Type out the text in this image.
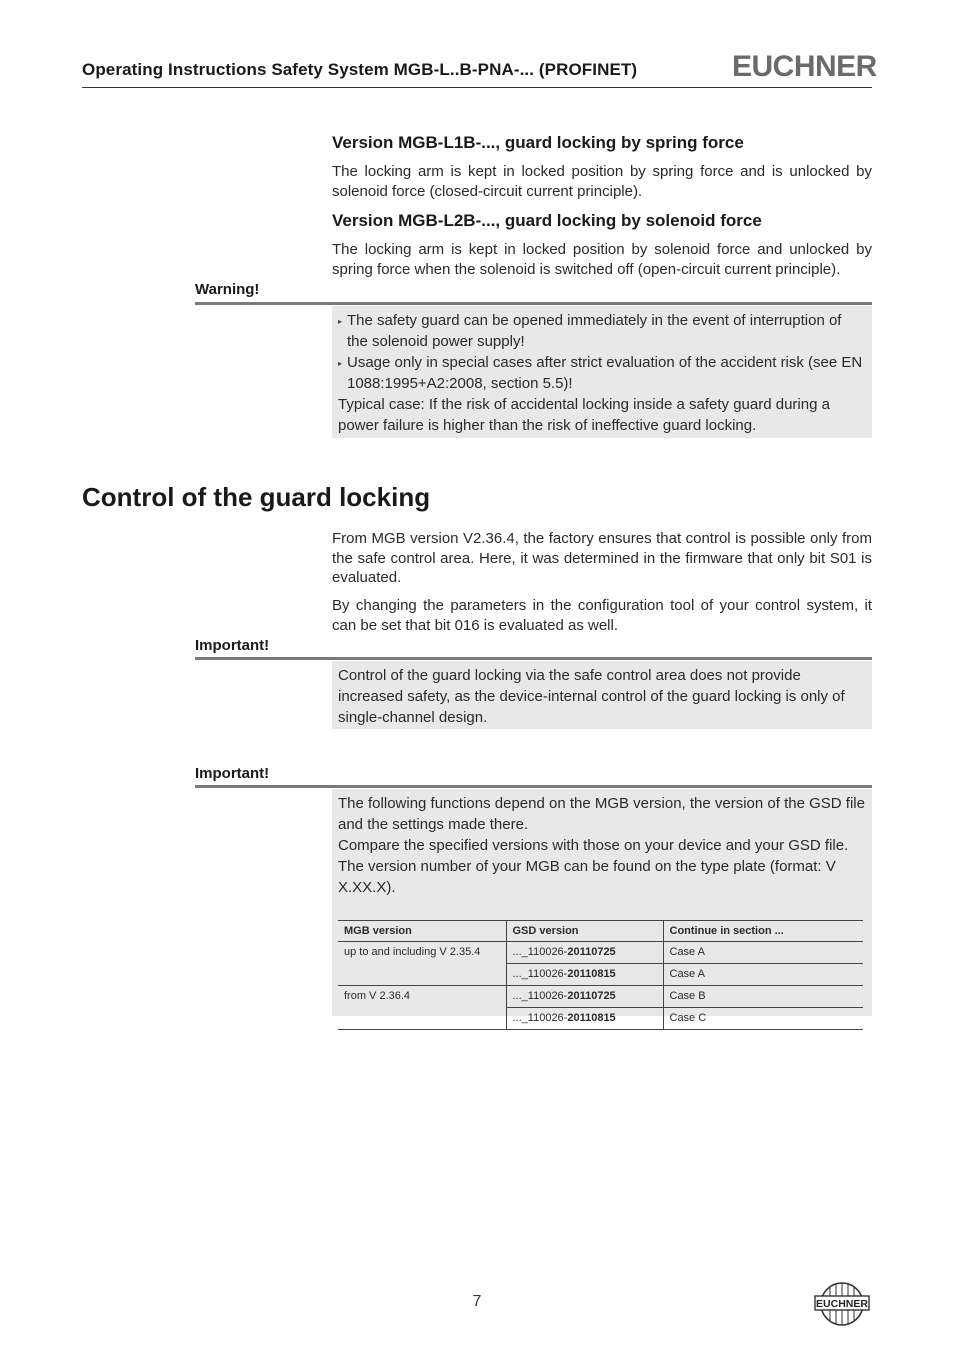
Operating Instructions Safety System MGB-L..B-PNA-... (PROFINET)	EUCHNER
Version MGB-L1B-..., guard locking by spring force
The locking arm is kept in locked position by spring force and is unlocked by solenoid force (closed-circuit current principle).
Version MGB-L2B-..., guard locking by solenoid force
The locking arm is kept in locked position by solenoid force and unlocked by spring force when the solenoid is switched off (open-circuit current principle).
Warning!
▸ The safety guard can be opened immediately in the event of interruption of the solenoid power supply!
▸ Usage only in special cases after strict evaluation of the accident risk (see EN 1088:1995+A2:2008, section 5.5)!
Typical case: If the risk of accidental locking inside a safety guard during a power failure is higher than the risk of ineffective guard locking.
Control of the guard locking
From MGB version V2.36.4, the factory ensures that control is possible only from the safe control area. Here, it was determined in the firmware that only bit S01 is evaluated.
By changing the parameters in the configuration tool of your control system, it can be set that bit 016 is evaluated as well.
Important!
Control of the guard locking via the safe control area does not provide increased safety, as the device-internal control of the guard locking is only of single-channel design.
Important!
The following functions depend on the MGB version, the version of the GSD file and the settings made there.
Compare the specified versions with those on your device and your GSD file. The version number of your MGB can be found on the type plate (format: V X.XX.X).
MGB version	GSD version	Continue in section ...
up to and including V 2.35.4	..._110026-20110725	Case A
	..._110026-20110815	Case A
from V 2.36.4	..._110026-20110725	Case B
	..._110026-20110815	Case C
7	EUCHNER
